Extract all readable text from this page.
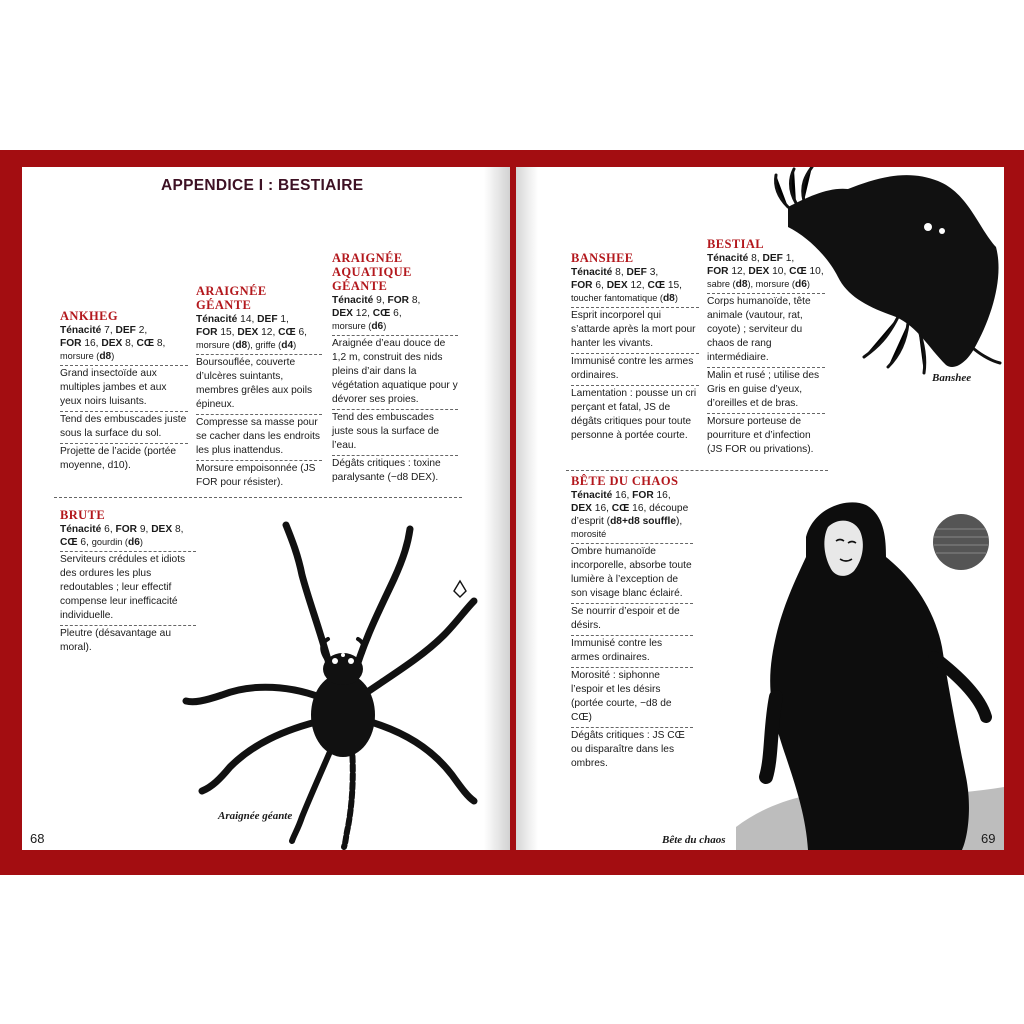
APPENDICE I : BESTIAIRE
ANKHEG
Ténacité 7, DEF 2,
FOR 16, DEX 8, CŒ 8,
morsure (d8)
Grand insectoïde aux multiples jambes et aux yeux noirs luisants.
Tend des embuscades juste sous la surface du sol.
Projette de l’acide (portée moyenne, d10).
ARAIGNÉE GÉANTE
Ténacité 14, DEF 1,
FOR 15, DEX 12, CŒ 6,
morsure (d8), griffe (d4)
Boursouflée, couverte d’ulcères suintants, membres grêles aux poils épineux.
Compresse sa masse pour se cacher dans les endroits les plus inattendus.
Morsure empoisonnée (JS FOR pour résister).
ARAIGNÉE
AQUATIQUE
GÉANTE
Ténacité 9, FOR 8,
DEX 12, CŒ 6,
morsure (d6)
Araignée d’eau douce de 1,2 m, construit des nids pleins d’air dans la végétation aquatique pour y dévorer ses proies.
Tend des embuscades juste sous la surface de l’eau.
Dégâts critiques : toxine paralysante (−d8 DEX).
BRUTE
Ténacité 6, FOR 9, DEX 8,
CŒ 6, gourdin (d6)
Serviteurs crédules et idiots des ordures les plus redoutables ; leur effectif compense leur inefficacité individuelle.
Pleutre (désavantage au moral).
Araignée géante
68
Banshee
BANSHEE
Ténacité 8, DEF 3,
FOR 6, DEX 12, CŒ 15,
toucher fantomatique (d8)
Esprit incorporel qui s’attarde après la mort pour hanter les vivants.
Immunisé contre les armes ordinaires.
Lamentation : pousse un cri perçant et fatal, JS de dégâts critiques pour toute personne à portée courte.
BESTIAL
Ténacité 8, DEF 1,
FOR 12, DEX 10, CŒ 10,
sabre (d8), morsure (d6)
Corps humanoïde, tête animale (vautour, rat, coyote) ; serviteur du chaos de rang intermédiaire.
Malin et rusé ; utilise des Gris en guise d’yeux, d’oreilles et de bras.
Morsure porteuse de pourriture et d’infection (JS FOR ou privations).
BÊTE DU CHAOS
Ténacité 16, FOR 16,
DEX 16, CŒ 16, découpe
d’esprit (d8+d8 souffle),
morosité
Ombre humanoïde incorporelle, absorbe toute lumière à l’exception de son visage blanc éclairé.
Se nourrir d’espoir et de désirs.
Immunisé contre les armes ordinaires.
Morosité : siphonne l’espoir et les désirs (portée courte, −d8 de CŒ)
Dégâts critiques : JS CŒ ou disparaître dans les ombres.
Bête du chaos	69
